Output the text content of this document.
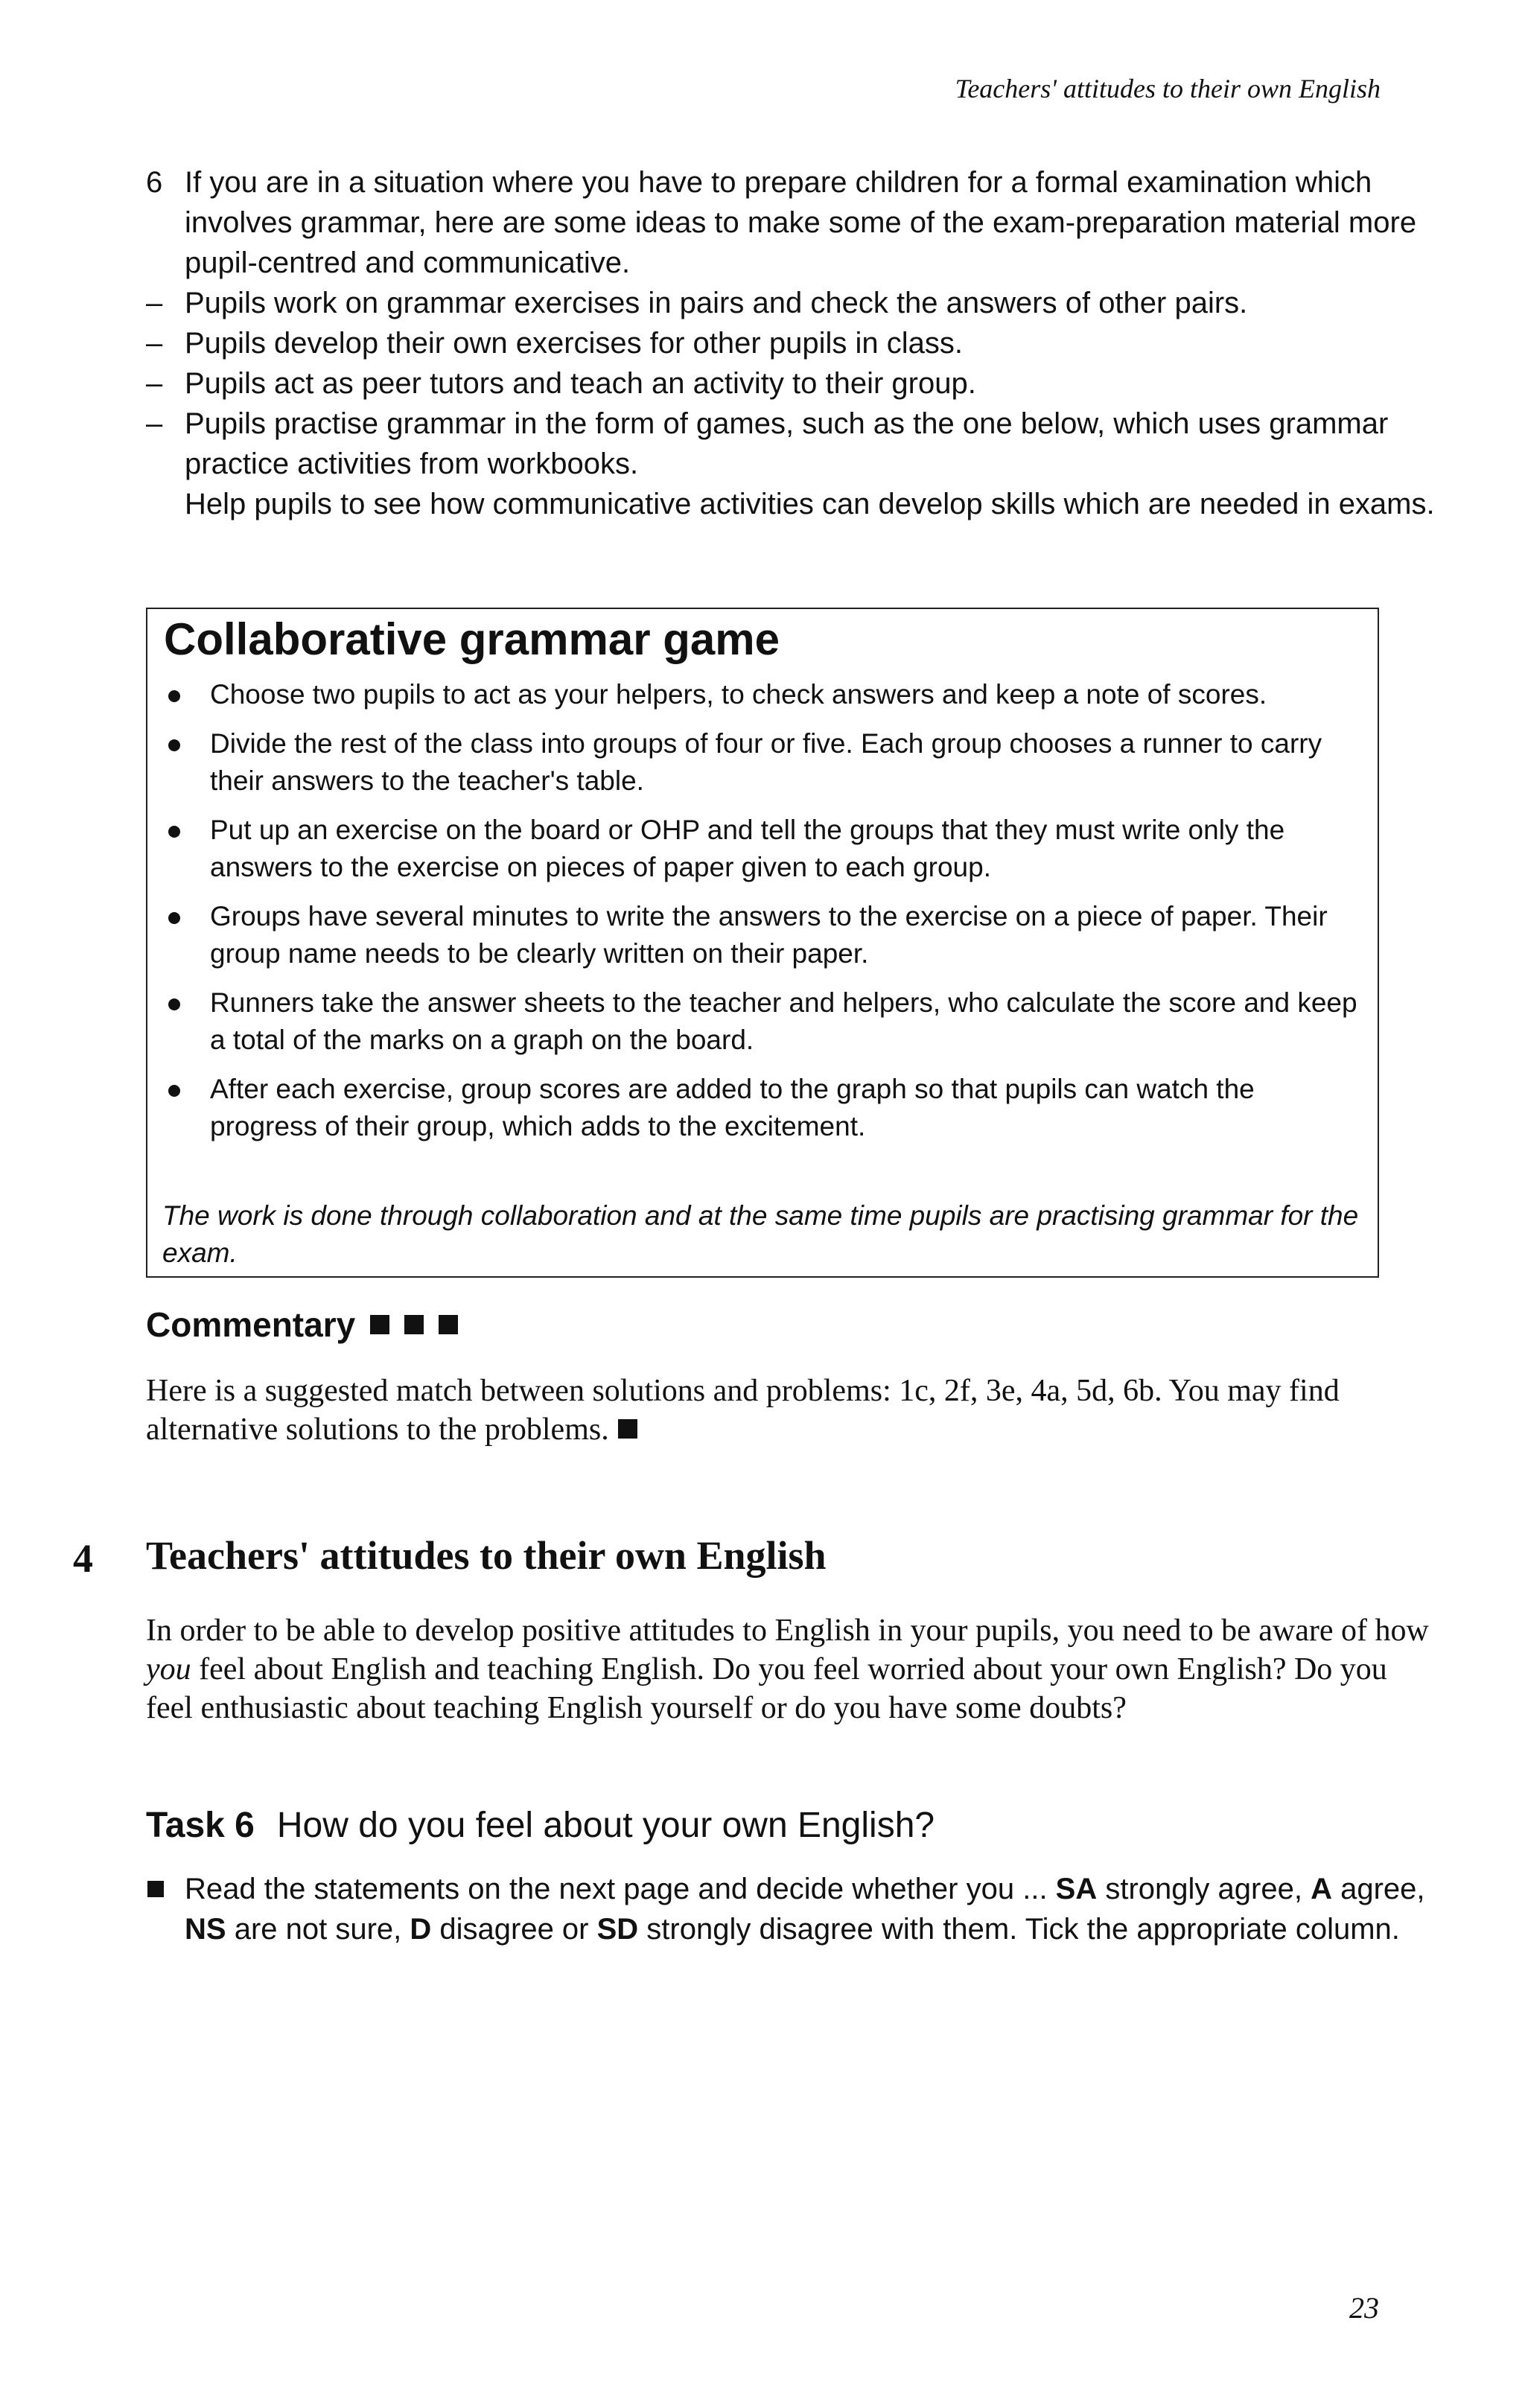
Teachers' attitudes to their own English
6 If you are in a situation where you have to prepare children for a formal examination which involves grammar, here are some ideas to make some of the exam-preparation material more pupil-centred and communicative.
– Pupils work on grammar exercises in pairs and check the answers of other pairs.
– Pupils develop their own exercises for other pupils in class.
– Pupils act as peer tutors and teach an activity to their group.
– Pupils practise grammar in the form of games, such as the one below, which uses grammar practice activities from workbooks.
Help pupils to see how communicative activities can develop skills which are needed in exams.
Collaborative grammar game
Choose two pupils to act as your helpers, to check answers and keep a note of scores.
Divide the rest of the class into groups of four or five. Each group chooses a runner to carry their answers to the teacher's table.
Put up an exercise on the board or OHP and tell the groups that they must write only the answers to the exercise on pieces of paper given to each group.
Groups have several minutes to write the answers to the exercise on a piece of paper. Their group name needs to be clearly written on their paper.
Runners take the answer sheets to the teacher and helpers, who calculate the score and keep a total of the marks on a graph on the board.
After each exercise, group scores are added to the graph so that pupils can watch the progress of their group, which adds to the excitement.
The work is done through collaboration and at the same time pupils are practising grammar for the exam.
Commentary
Here is a suggested match between solutions and problems: 1c, 2f, 3e, 4a, 5d, 6b. You may find alternative solutions to the problems.
4 Teachers' attitudes to their own English
In order to be able to develop positive attitudes to English in your pupils, you need to be aware of how you feel about English and teaching English. Do you feel worried about your own English? Do you feel enthusiastic about teaching English yourself or do you have some doubts?
Task 6 How do you feel about your own English?
Read the statements on the next page and decide whether you ... SA strongly agree, A agree, NS are not sure, D disagree or SD strongly disagree with them. Tick the appropriate column.
23
